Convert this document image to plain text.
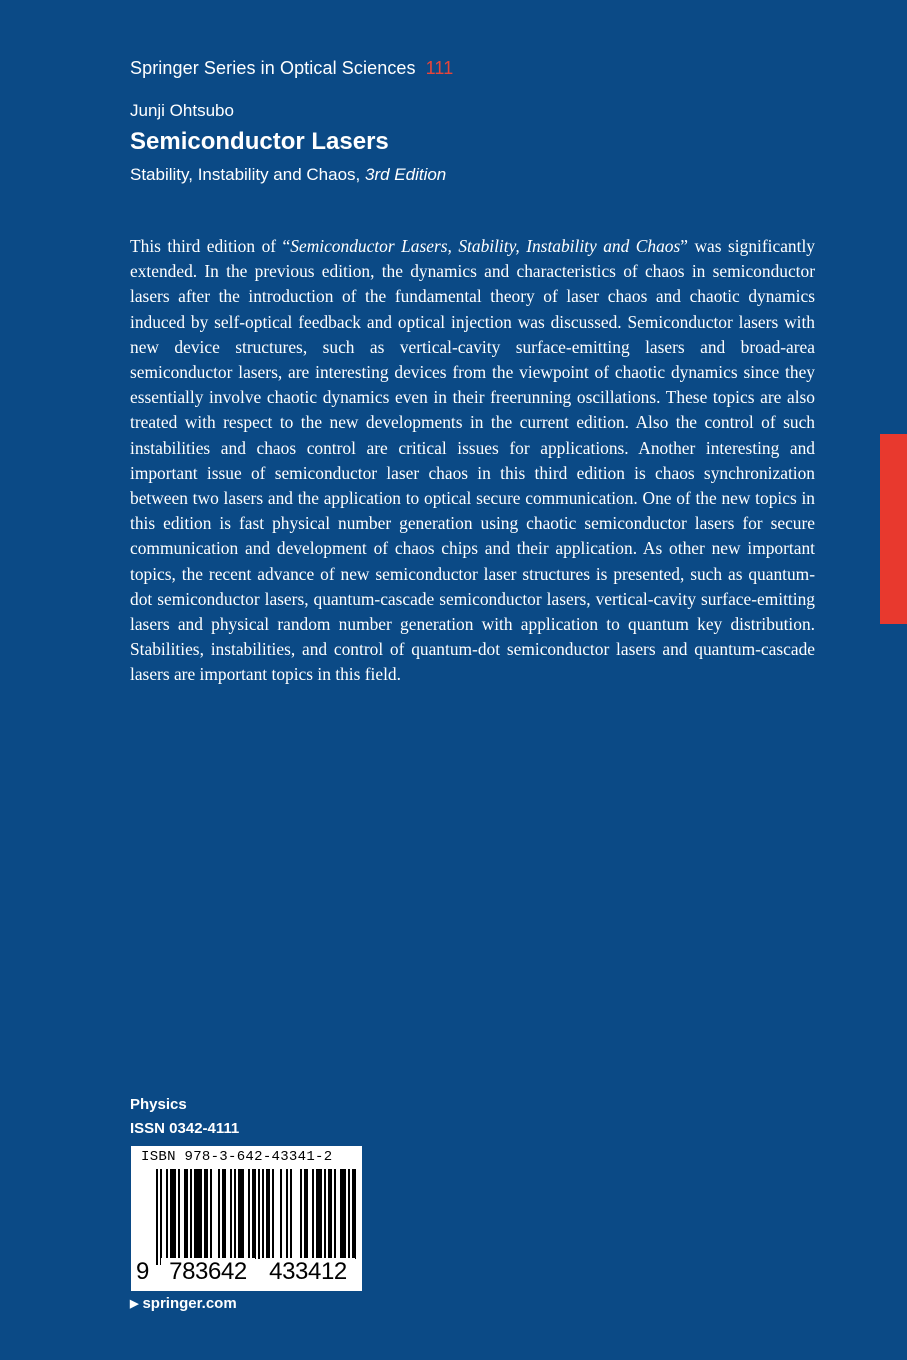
Springer Series in Optical Sciences 111
Junji Ohtsubo
Semiconductor Lasers
Stability, Instability and Chaos, 3rd Edition

This third edition of “Semiconductor Lasers, Stability, Instability and Chaos” was significantly extended. In the previous edition, the dynamics and characteristics of chaos in semiconductor lasers after the introduction of the fundamental theory of laser chaos and chaotic dynamics induced by self-optical feedback and optical injection was discussed. Semiconductor lasers with new device structures, such as vertical-cavity surface-emitting lasers and broad-area semiconductor lasers, are interesting devices from the viewpoint of chaotic dynamics since they essentially involve chaotic dynamics even in their freerunning oscillations. These topics are also treated with respect to the new developments in the current edition. Also the control of such instabilities and chaos control are critical issues for applications. Another interesting and important issue of semiconductor laser chaos in this third edition is chaos synchronization between two lasers and the application to optical secure communication. One of the new topics in this edition is fast physical number generation using chaotic semiconductor lasers for secure communication and development of chaos chips and their application. As other new important topics, the recent advance of new semiconductor laser structures is presented, such as quantum-dot semiconductor lasers, quantum-cascade semiconductor lasers, vertical-cavity surface-emitting lasers and physical random number generation with application to quantum key distribution. Stabilities, instabilities, and control of quantum-dot semiconductor lasers and quantum-cascade lasers are important topics in this field.

Physics
ISSN 0342-4111
ISBN 978-3-642-43341-2
9 783642 433412
▶ springer.com
